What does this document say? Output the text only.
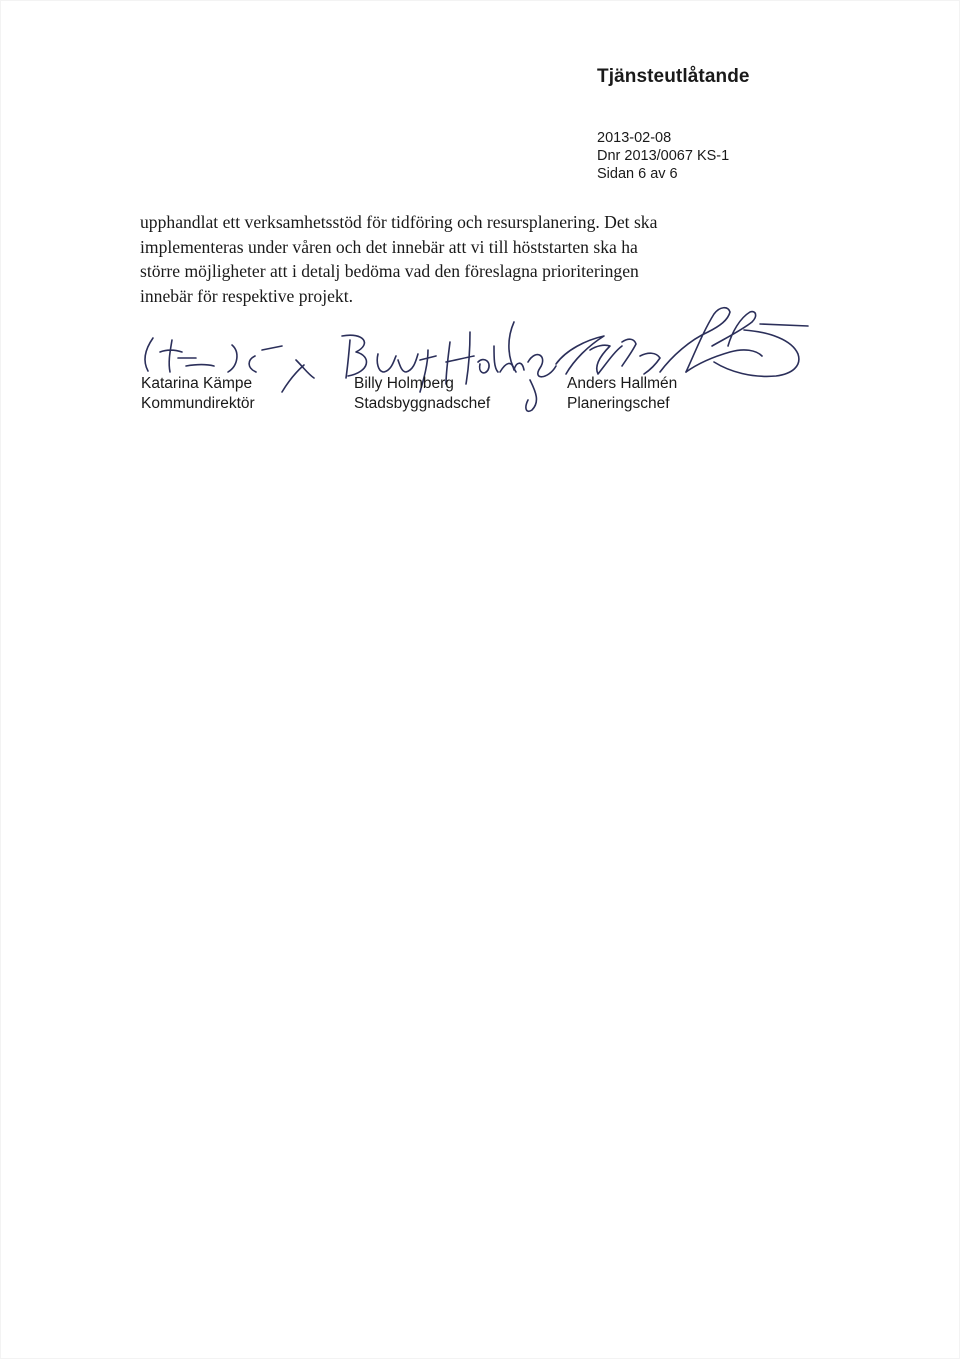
Tjänsteutlåtande
2013-02-08
Dnr 2013/0067 KS-1
Sidan 6 av 6
upphandlat ett verksamhetsstöd för tidföring och resursplanering. Det ska
implementeras under våren och det innebär att vi till höststarten ska ha
större möjligheter att i detalj bedöma vad den föreslagna prioriteringen
innebär för respektive projekt.
Katarina Kämpe
Kommundirektör
Billy Holmberg
Stadsbyggnadschef
Anders Hallmén
Planeringschef
